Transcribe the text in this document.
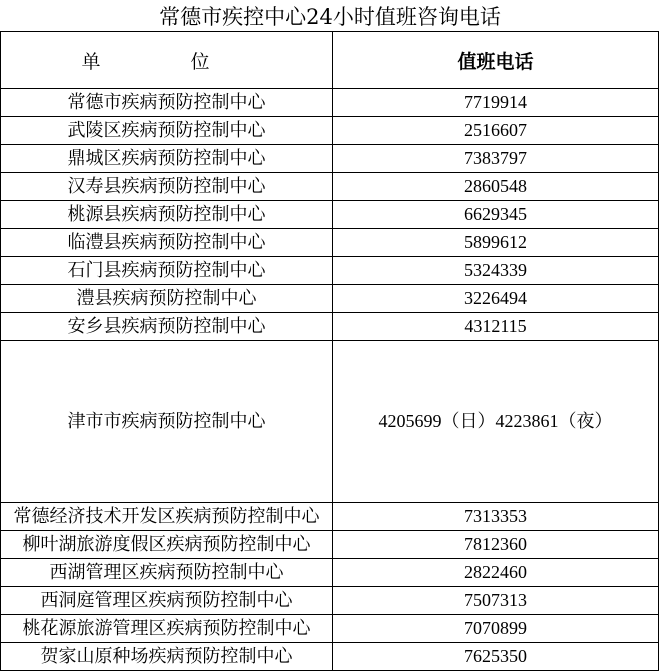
常德市疾控中心24小时值班咨询电话
单 位	值班电话
常德市疾病预防控制中心	7719914
武陵区疾病预防控制中心	2516607
鼎城区疾病预防控制中心	7383797
汉寿县疾病预防控制中心	2860548
桃源县疾病预防控制中心	6629345
临澧县疾病预防控制中心	5899612
石门县疾病预防控制中心	5324339
澧县疾病预防控制中心	3226494
安乡县疾病预防控制中心	4312115
津市市疾病预防控制中心	4205699（日）4223861（夜）
常德经济技术开发区疾病预防控制中心	7313353
柳叶湖旅游度假区疾病预防控制中心	7812360
西湖管理区疾病预防控制中心	2822460
西洞庭管理区疾病预防控制中心	7507313
桃花源旅游管理区疾病预防控制中心	7070899
贺家山原种场疾病预防控制中心	7625350
